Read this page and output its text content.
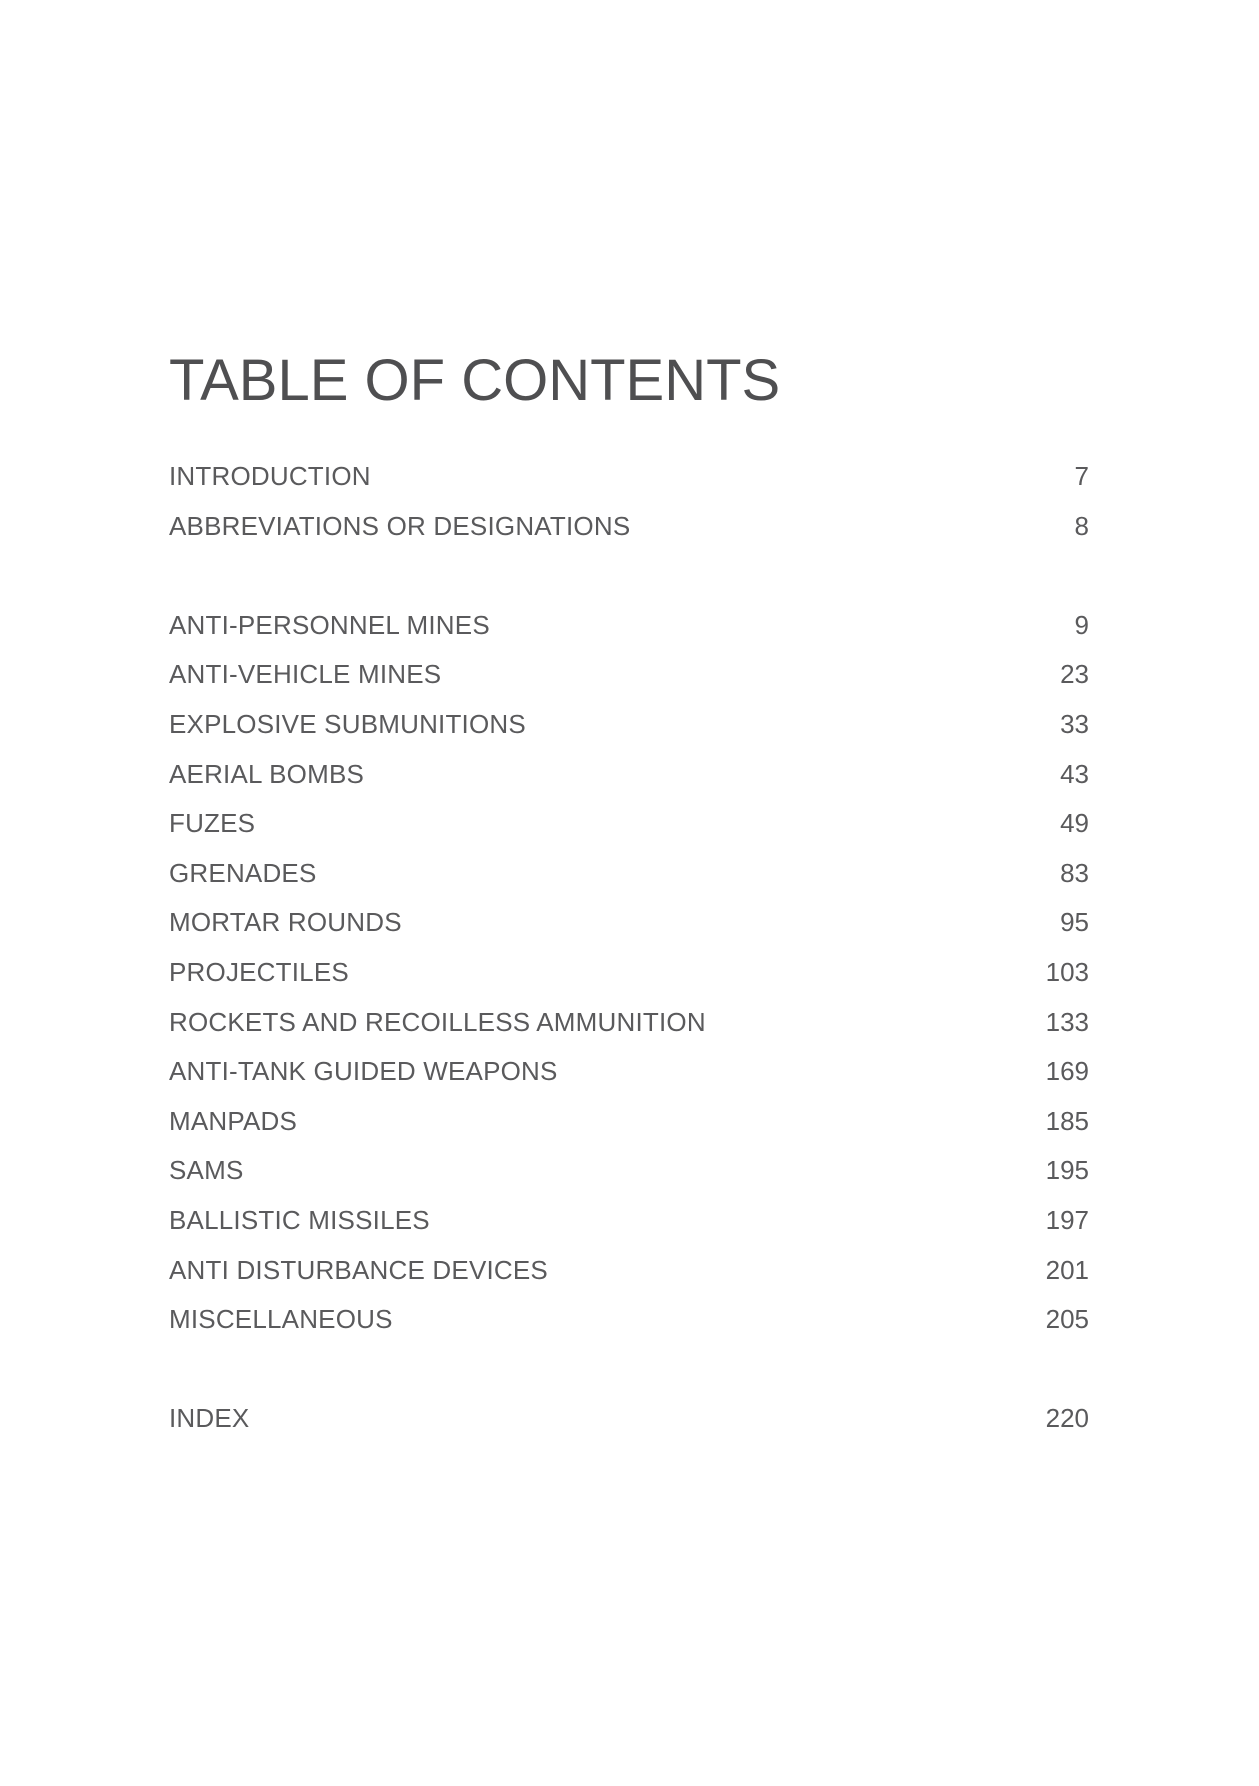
TABLE OF CONTENTS
INTRODUCTION	7
ABBREVIATIONS OR DESIGNATIONS	8
ANTI-PERSONNEL MINES	9
ANTI-VEHICLE MINES	23
EXPLOSIVE SUBMUNITIONS	33
AERIAL BOMBS	43
FUZES	49
GRENADES	83
MORTAR ROUNDS	95
PROJECTILES	103
ROCKETS AND RECOILLESS AMMUNITION	133
ANTI-TANK GUIDED WEAPONS	169
MANPADS	185
SAMS	195
BALLISTIC MISSILES	197
ANTI DISTURBANCE DEVICES	201
MISCELLANEOUS	205
INDEX	220
